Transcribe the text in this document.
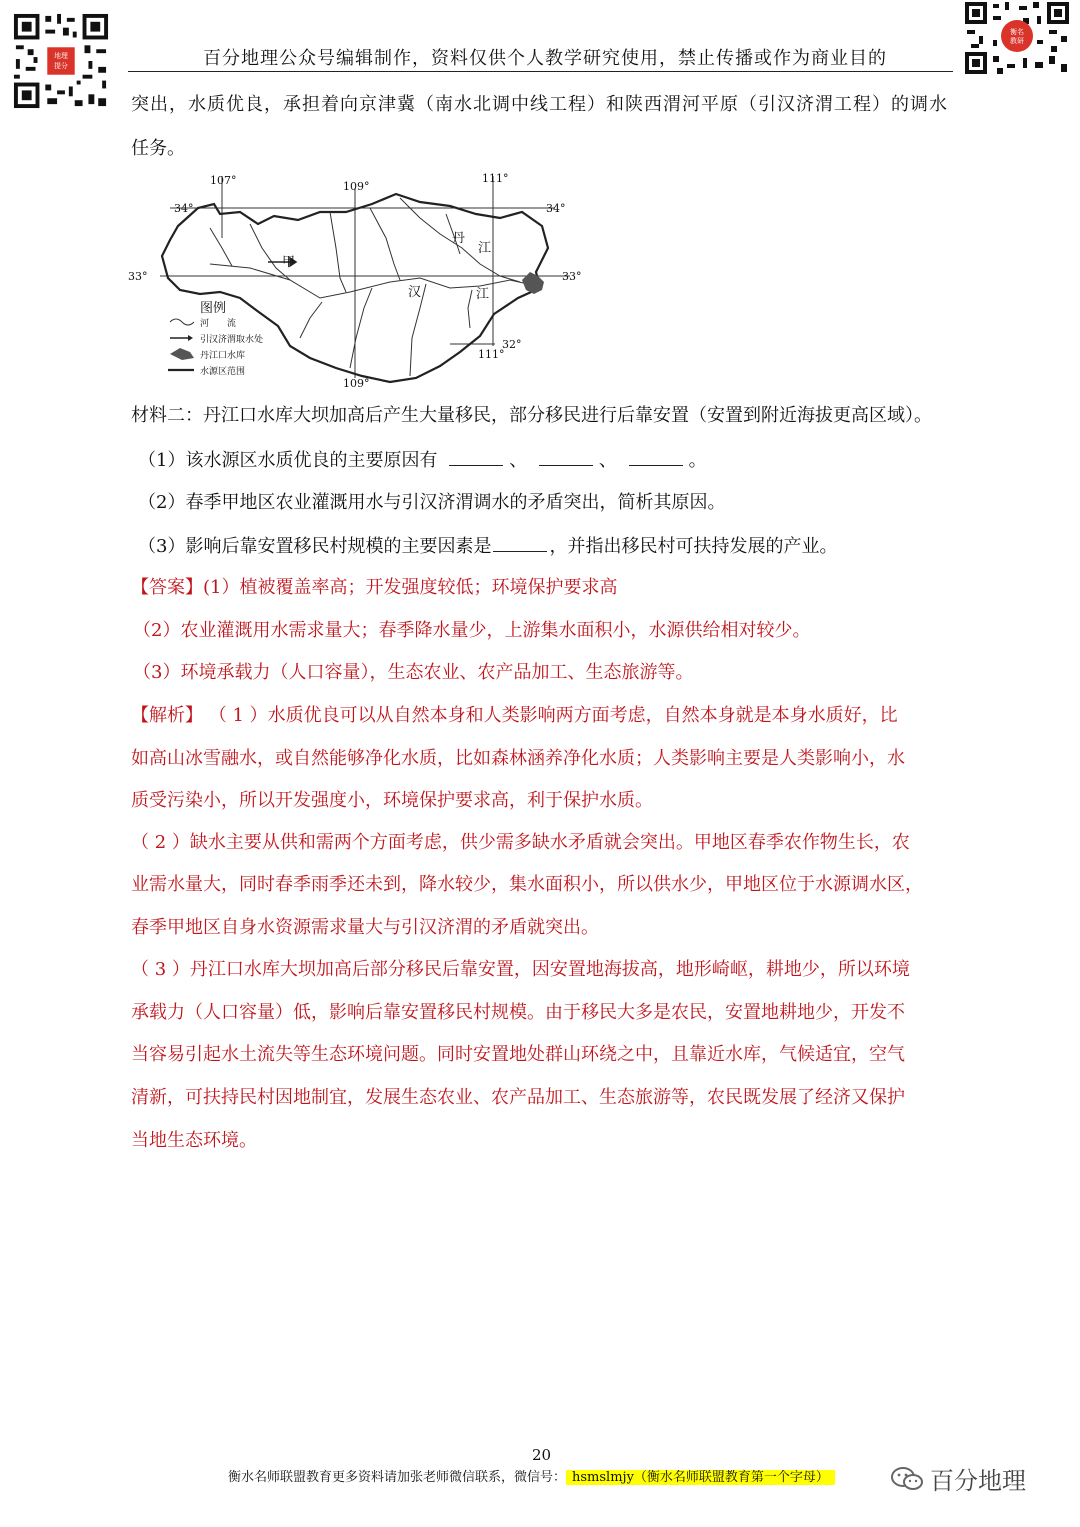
地理
提分
衡名
教研
百分地理公众号编辑制作，资料仅供个人教学研究使用，禁止传播或作为商业目的
突出，水质优良，承担着向京津冀（南水北调中线工程）和陕西渭河平原（引汉济渭工程）的调水
任务。
107°	109°
111°
111°
109°
34°	34°
33°	33°
32°
甲
丹
江
汉	江
图例
河　　流
引汉济渭取水处
丹江口水库
水源区范围
材料二：丹江口水库大坝加高后产生大量移民，部分移民进行后靠安置（安置到附近海拔更高区域）。
（1）该水源区水质优良的主要原因有	、	、	。
（2）春季甲地区农业灌溉用水与引汉济渭调水的矛盾突出，简析其原因。
（3）影响后靠安置移民村规模的主要因素是	，并指出移民村可扶持发展的产业。
【答案】(1）植被覆盖率高；开发强度较低；环境保护要求高
（2）农业灌溉用水需求量大；春季降水量少，上游集水面积小，水源供给相对较少。
（3）环境承载力（人口容量），生态农业、农产品加工、生态旅游等。
【解析】 （ 1 ）水质优良可以从自然本身和人类影响两方面考虑，自然本身就是本身水质好，比
如高山冰雪融水，或自然能够净化水质，比如森林涵养净化水质；人类影响主要是人类影响小，水
质受污染小，所以开发强度小，环境保护要求高，利于保护水质。
（ 2 ）缺水主要从供和需两个方面考虑，供少需多缺水矛盾就会突出。甲地区春季农作物生长，农
业需水量大，同时春季雨季还未到，降水较少，集水面积小，所以供水少，甲地区位于水源调水区，
春季甲地区自身水资源需求量大与引汉济渭的矛盾就突出。
（ 3 ）丹江口水库大坝加高后部分移民后靠安置，因安置地海拔高，地形崎岖，耕地少，所以环境
承载力（人口容量）低，影响后靠安置移民村规模。由于移民大多是农民，安置地耕地少，开发不
当容易引起水土流失等生态环境问题。同时安置地处群山环绕之中，且靠近水库，气候适宜，空气
清新，可扶持民村因地制宜，发展生态农业、农产品加工、生态旅游等，农民既发展了经济又保护
当地生态环境。
20
衡水名师联盟教育更多资料请加张老师微信联系，微信号： hsmslmjy（衡水名师联盟教育第一个字母）	百分地理
